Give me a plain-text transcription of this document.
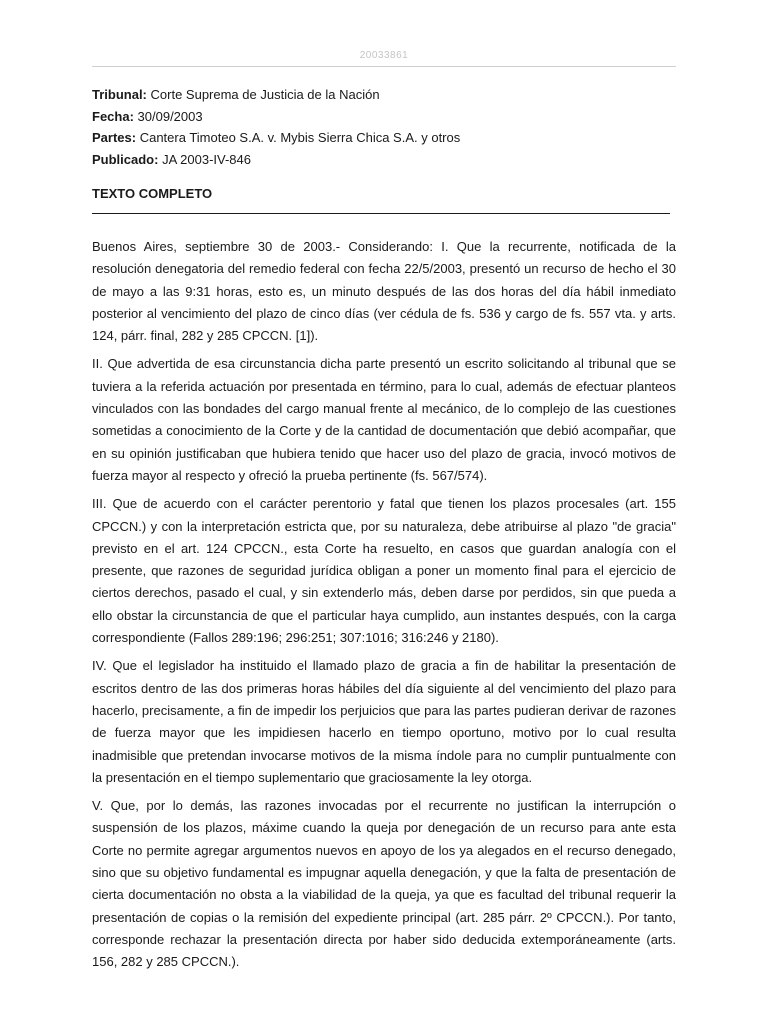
20033861
Tribunal: Corte Suprema de Justicia de la Nación
Fecha: 30/09/2003
Partes: Cantera Timoteo S.A. v. Mybis Sierra Chica S.A. y otros
Publicado: JA 2003-IV-846
TEXTO COMPLETO

Buenos Aires, septiembre 30 de 2003.- Considerando: I. Que la recurrente, notificada de la resolución denegatoria del remedio federal con fecha 22/5/2003, presentó un recurso de hecho el 30 de mayo a las 9:31 horas, esto es, un minuto después de las dos horas del día hábil inmediato posterior al vencimiento del plazo de cinco días (ver cédula de fs. 536 y cargo de fs. 557 vta. y arts. 124, párr. final, 282 y 285 CPCCN. [1]).

II. Que advertida de esa circunstancia dicha parte presentó un escrito solicitando al tribunal que se tuviera a la referida actuación por presentada en término, para lo cual, además de efectuar planteos vinculados con las bondades del cargo manual frente al mecánico, de lo complejo de las cuestiones sometidas a conocimiento de la Corte y de la cantidad de documentación que debió acompañar, que en su opinión justificaban que hubiera tenido que hacer uso del plazo de gracia, invocó motivos de fuerza mayor al respecto y ofreció la prueba pertinente (fs. 567/574).

III. Que de acuerdo con el carácter perentorio y fatal que tienen los plazos procesales (art. 155 CPCCN.) y con la interpretación estricta que, por su naturaleza, debe atribuirse al plazo "de gracia" previsto en el art. 124 CPCCN., esta Corte ha resuelto, en casos que guardan analogía con el presente, que razones de seguridad jurídica obligan a poner un momento final para el ejercicio de ciertos derechos, pasado el cual, y sin extenderlo más, deben darse por perdidos, sin que pueda a ello obstar la circunstancia de que el particular haya cumplido, aun instantes después, con la carga correspondiente (Fallos 289:196; 296:251; 307:1016; 316:246 y 2180).

IV. Que el legislador ha instituido el llamado plazo de gracia a fin de habilitar la presentación de escritos dentro de las dos primeras horas hábiles del día siguiente al del vencimiento del plazo para hacerlo, precisamente, a fin de impedir los perjuicios que para las partes pudieran derivar de razones de fuerza mayor que les impidiesen hacerlo en tiempo oportuno, motivo por lo cual resulta inadmisible que pretendan invocarse motivos de la misma índole para no cumplir puntualmente con la presentación en el tiempo suplementario que graciosamente la ley otorga.

V. Que, por lo demás, las razones invocadas por el recurrente no justifican la interrupción o suspensión de los plazos, máxime cuando la queja por denegación de un recurso para ante esta Corte no permite agregar argumentos nuevos en apoyo de los ya alegados en el recurso denegado, sino que su objetivo fundamental es impugnar aquella denegación, y que la falta de presentación de cierta documentación no obsta a la viabilidad de la queja, ya que es facultad del tribunal requerir la presentación de copias o la remisión del expediente principal (art. 285 párr. 2º CPCCN.). Por tanto, corresponde rechazar la presentación directa por haber sido deducida extemporáneamente (arts. 156, 282 y 285 CPCCN.).
